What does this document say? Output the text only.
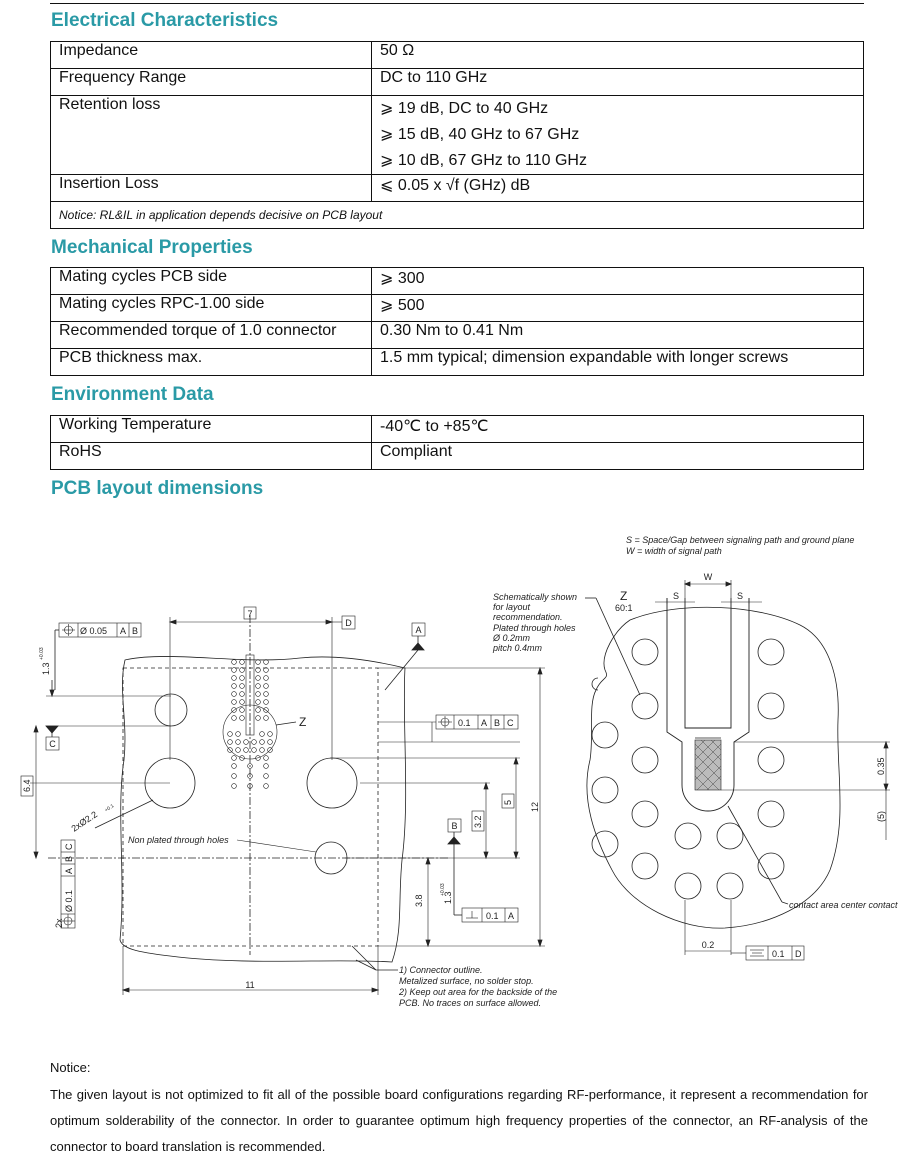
Electrical Characteristics
Impedance	50 Ω
Frequency Range	DC to 110 GHz
Retention loss	⩾ 19 dB, DC to 40 GHz
⩾ 15 dB, 40 GHz to 67 GHz
⩾ 10 dB, 67 GHz to 110 GHz

Insertion Loss	⩽ 0.05 x √f (GHz) dB
Notice: RL&IL in application depends decisive on PCB layout	
Mechanical Properties
Mating cycles PCB side	⩾ 300
Mating cycles RPC-1.00 side	⩾ 500
Recommended torque of 1.0 connector	0.30 Nm to 0.41 Nm
PCB thickness max.	1.5 mm typical; dimension expandable with longer screws
Environment Data
Working Temperature	-40℃ to +85℃
RoHS	Compliant
PCB layout dimensions
Z
7
D
A
Ø 0.05 A B
1.3
+0.03
C
6.4
2xØ2.2
+0.1
Non plated through holes
C
B
A
Ø 0.1
2x
0.1 A B C
5
3.2
12
B
3.8 1.3
+0.03
0.1 A
11
1) Connector outline.
Metalized surface, no solder stop.
2) Keep out area for the backside of the
PCB. No traces on surface allowed.
S = Space/Gap between signaling path and ground plane
W = width of signal path
Schematically shown
for layout
recommendation.
Plated through holes
Ø 0.2mm
pitch 0.4mm
Z
60:1
W
S	S
0.35
(5)
contact area center contact
0.2
0.1 D
Notice:
The given layout is not optimized to fit all of the possible board configurations regarding RF-performance, it represent a recommendation for optimum solderability of the connector. In order to guarantee optimum high frequency properties of the connector, an RF-analysis of the connector to board translation is recommended.
